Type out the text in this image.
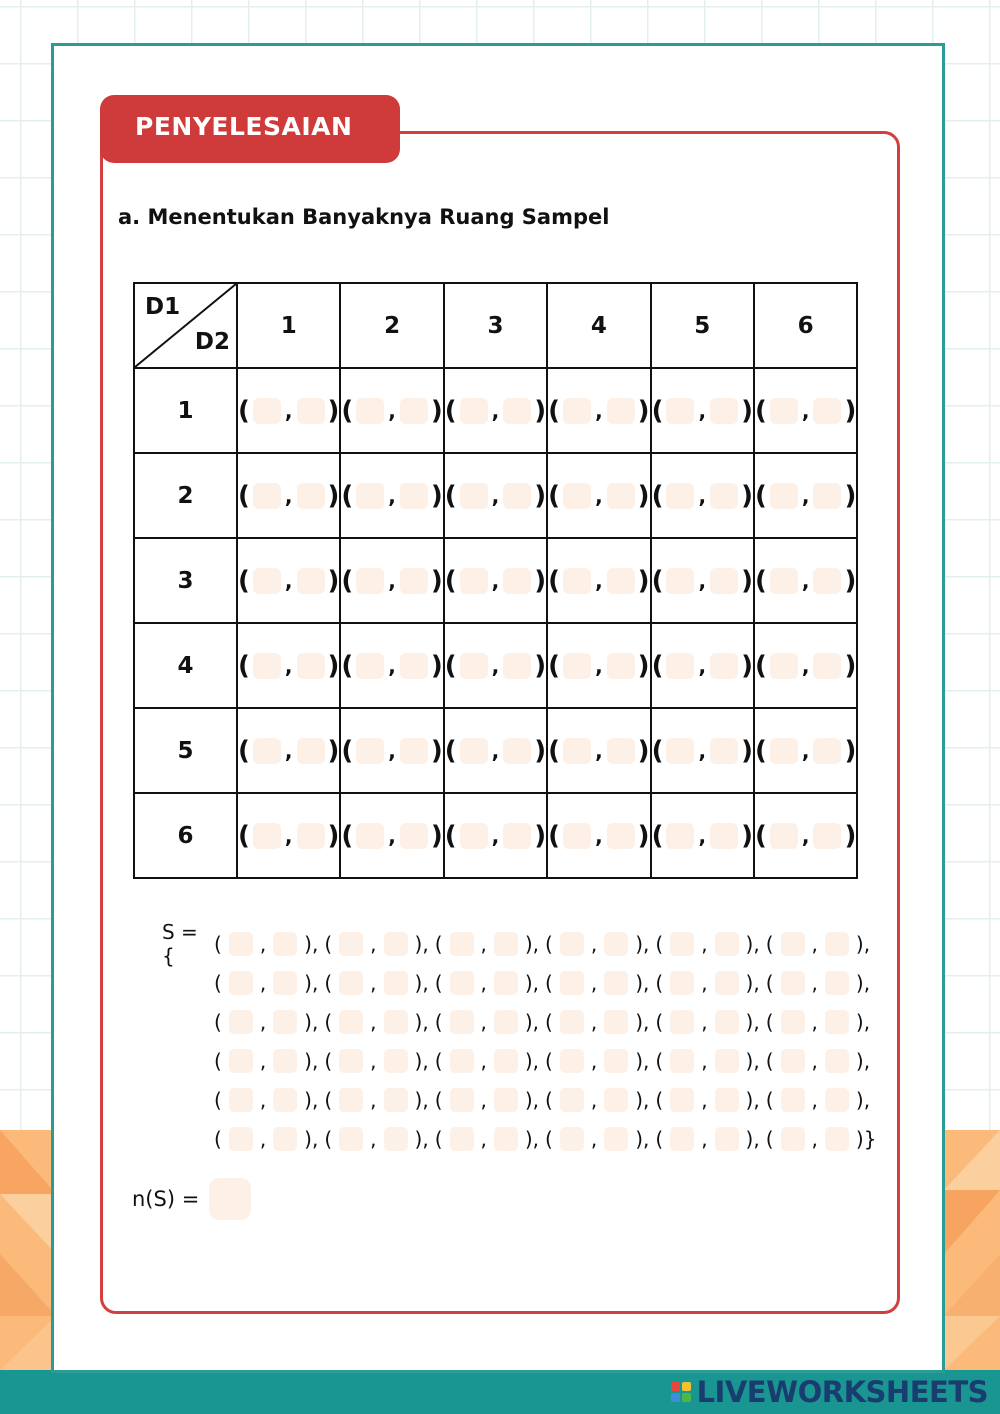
LIVEWORKSHEETS
PENYELESAIAN
a. Menentukan Banyaknya Ruang Sampel
D1
D2	1	2	3	4	5	6
1	( , )	( , )	( , )	( , )	( , )	( , )

2	( , )	( , )	( , )	( , )	( , )	( , )

3	( , )	( , )	( , )	( , )	( , )	( , )

4	( , )	( , )	( , )	( , )	( , )	( , )

5	( , )	( , )	( , )	( , )	( , )	( , )

6	( , )	( , )	( , )	( , )	( , )	( , )
S = {	( , ), ( , ), ( , ), ( , ), ( , ), ( , ),
( , ), ( , ), ( , ), ( , ), ( , ), ( , ),
( , ), ( , ), ( , ), ( , ), ( , ), ( , ),
( , ), ( , ), ( , ), ( , ), ( , ), ( , ),
( , ), ( , ), ( , ), ( , ), ( , ), ( , ),
( , ), ( , ), ( , ), ( , ), ( , ), ( , )}
n(S) =
